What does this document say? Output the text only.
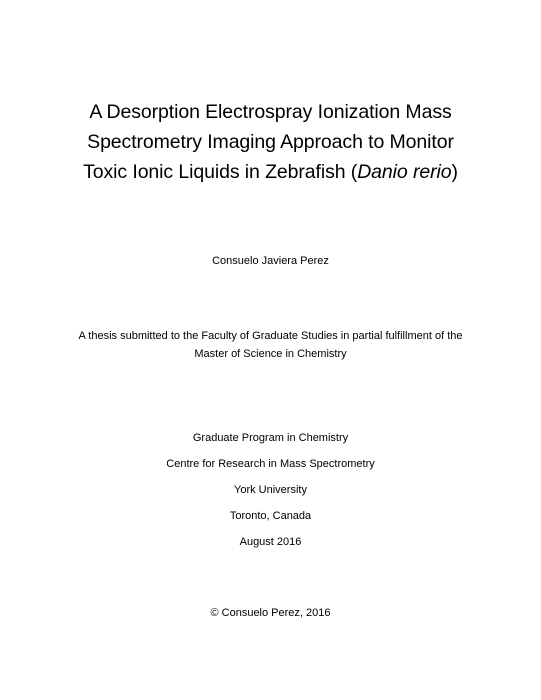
A Desorption Electrospray Ionization Mass
Spectrometry Imaging Approach to Monitor
Toxic Ionic Liquids in Zebrafish (Danio rerio)
Consuelo Javiera Perez
A thesis submitted to the Faculty of Graduate Studies in partial fulfillment of the
Master of Science in Chemistry
Graduate Program in Chemistry
Centre for Research in Mass Spectrometry
York University
Toronto, Canada
August 2016
© Consuelo Perez, 2016
